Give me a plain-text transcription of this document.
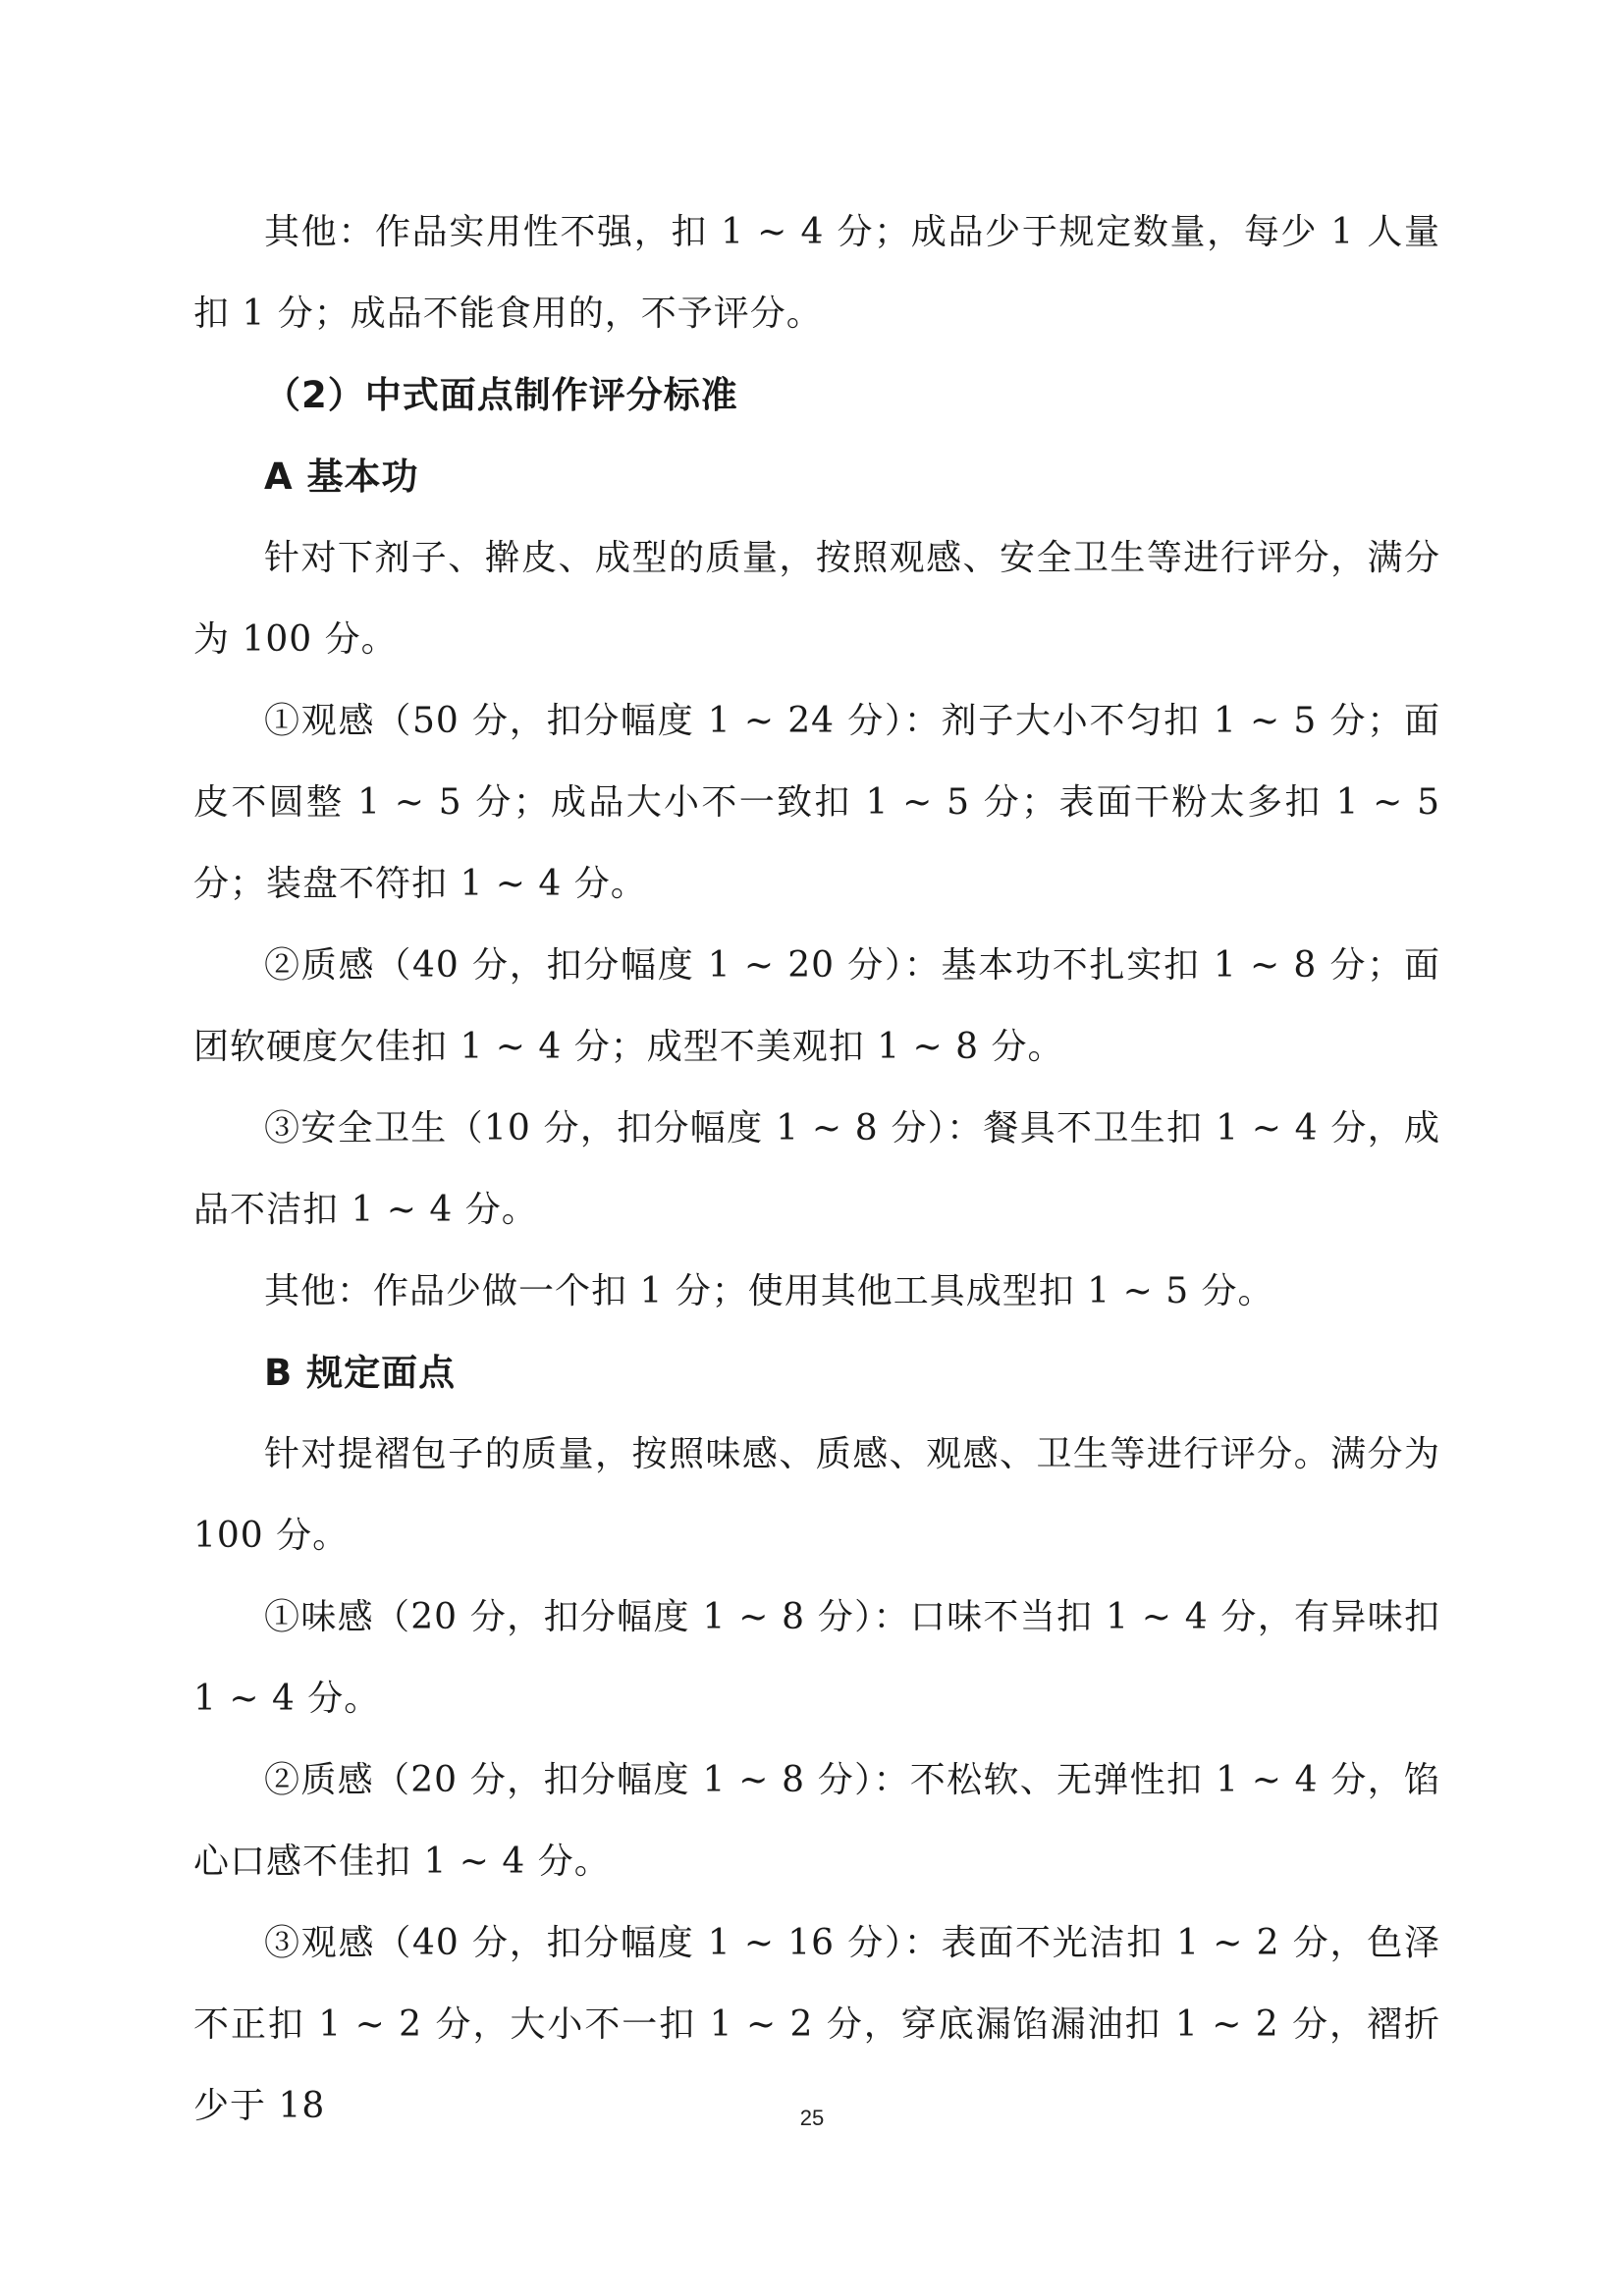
其他：作品实用性不强，扣 1 ~ 4 分；成品少于规定数量，每少 1 人量扣 1 分；成品不能食用的，不予评分。

（2）中式面点制作评分标准

A 基本功

针对下剂子、擀皮、成型的质量，按照观感、安全卫生等进行评分，满分为 100 分。

①观感（50 分，扣分幅度 1 ~ 24 分）：剂子大小不匀扣 1 ~ 5 分；面皮不圆整 1 ~ 5 分；成品大小不一致扣 1 ~ 5 分；表面干粉太多扣 1 ~ 5 分；装盘不符扣 1 ~ 4 分。

②质感（40 分，扣分幅度 1 ~ 20 分）：基本功不扎实扣 1 ~ 8 分；面团软硬度欠佳扣 1 ~ 4 分；成型不美观扣 1 ~ 8 分。

③安全卫生（10 分，扣分幅度 1 ~ 8 分）：餐具不卫生扣 1 ~ 4 分，成品不洁扣 1 ~ 4 分。

其他：作品少做一个扣 1 分；使用其他工具成型扣 1 ~ 5 分。

B 规定面点

针对提褶包子的质量，按照味感、质感、观感、卫生等进行评分。满分为 100 分。

①味感（20 分，扣分幅度 1 ~ 8 分）：口味不当扣 1 ~ 4 分，有异味扣 1 ~ 4 分。

②质感（20 分，扣分幅度 1 ~ 8 分）：不松软、无弹性扣 1 ~ 4 分，馅心口感不佳扣 1 ~ 4 分。

③观感（40 分，扣分幅度 1 ~ 16 分）：表面不光洁扣 1 ~ 2 分，色泽不正扣 1 ~ 2 分，大小不一扣 1 ~ 2 分，穿底漏馅漏油扣 1 ~ 2 分，褶折少于 18	25
